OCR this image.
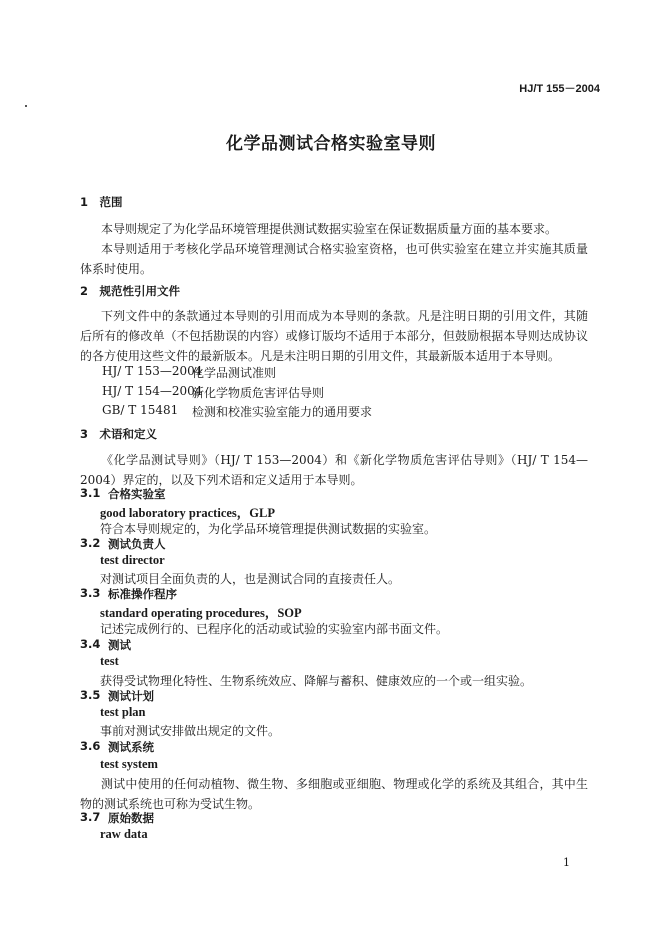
HJ/T 155－2004
化学品测试合格实验室导则
1　范围
本导则规定了为化学品环境管理提供测试数据实验室在保证数据质量方面的基本要求。
本导则适用于考核化学品环境管理测试合格实验室资格，也可供实验室在建立并实施其质量体系时使用。
2　规范性引用文件
下列文件中的条款通过本导则的引用而成为本导则的条款。凡是注明日期的引用文件，其随后所有的修改单（不包括勘误的内容）或修订版均不适用于本部分，但鼓励根据本导则达成协议的各方使用这些文件的最新版本。凡是未注明日期的引用文件，其最新版本适用于本导则。
HJ/ T 153—2004
化学品测试准则
HJ/ T 154—2004
新化学物质危害评估导则
GB/ T 15481 检测和校准实验室能力的通用要求
3　术语和定义
《化学品测试导则》（HJ/ T 153—2004）和《新化学物质危害评估导则》（HJ/ T 154—2004）界定的，以及下列术语和定义适用于本导则。
3.1 合格实验室
good laboratory practices，GLP
符合本导则规定的，为化学品环境管理提供测试数据的实验室。
3.2 测试负责人
test director
对测试项目全面负责的人，也是测试合同的直接责任人。
3.3 标准操作程序
standard operating procedures，SOP
记述完成例行的、已程序化的活动或试验的实验室内部书面文件。
3.4 测试
test
获得受试物理化特性、生物系统效应、降解与蓄积、健康效应的一个或一组实验。
3.5 测试计划
test plan
事前对测试安排做出规定的文件。
3.6 测试系统
test system
测试中使用的任何动植物、微生物、多细胞或亚细胞、物理或化学的系统及其组合，其中生物的测试系统也可称为受试生物。
3.7 原始数据
raw data
1
